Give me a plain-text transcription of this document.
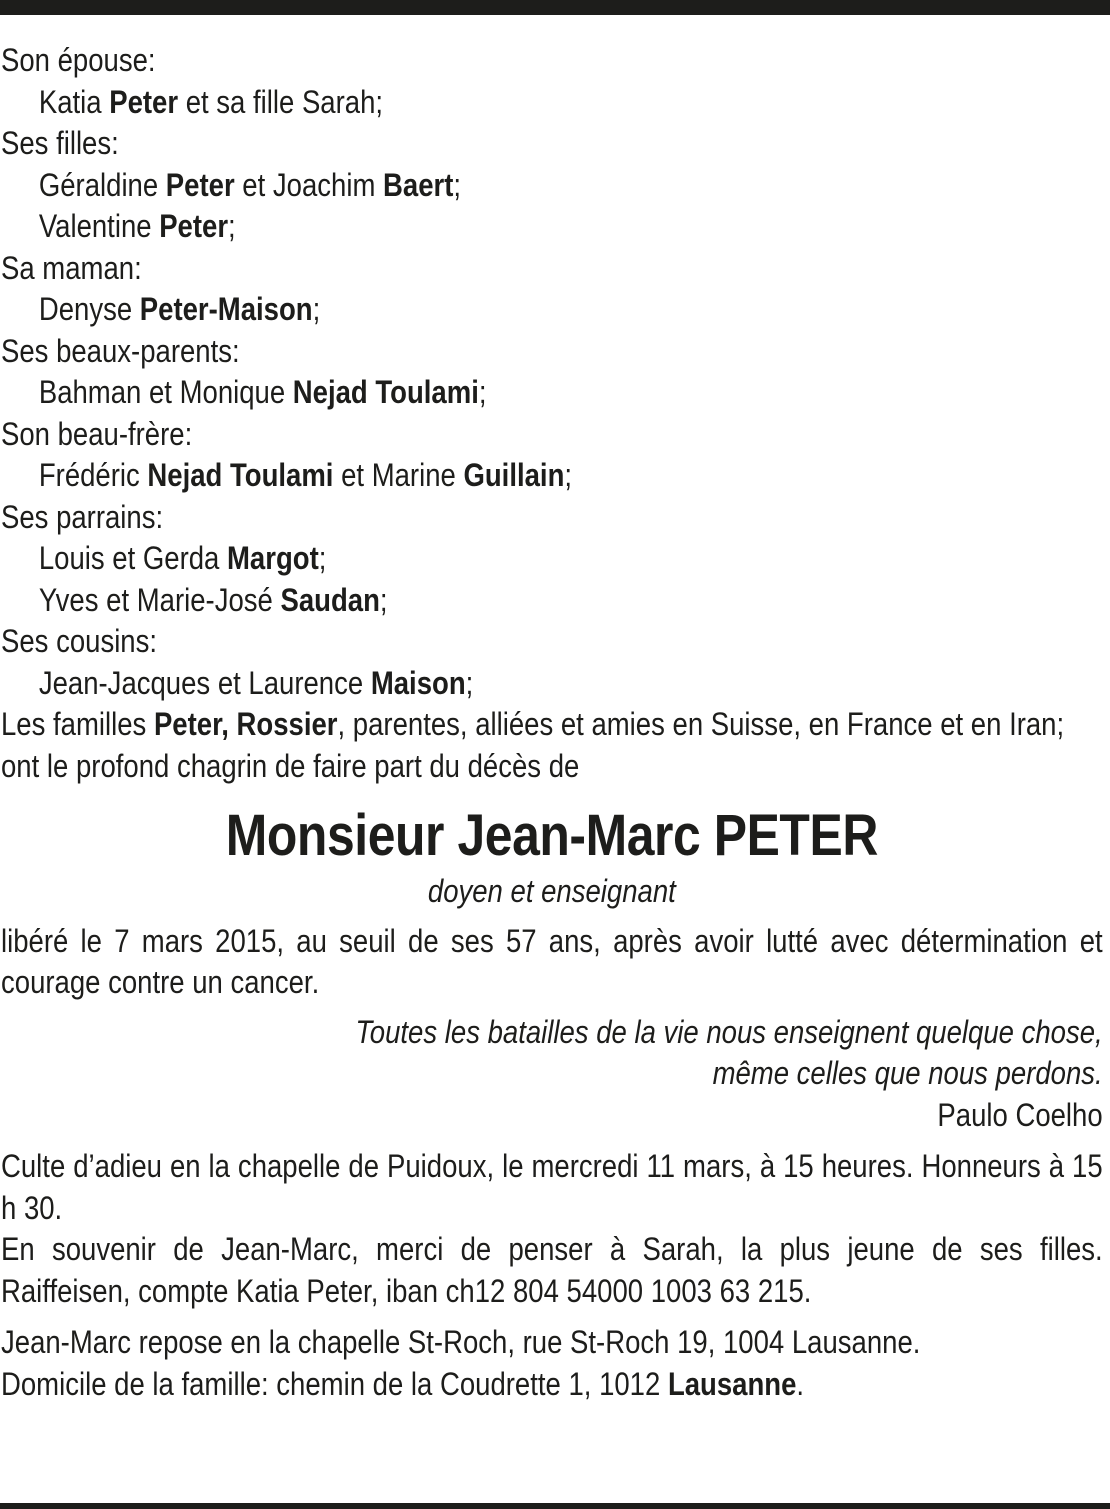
Son épouse:
Katia Peter et sa fille Sarah;
Ses filles:
Géraldine Peter et Joachim Baert;
Valentine Peter;
Sa maman:
Denyse Peter-Maison;
Ses beaux-parents:
Bahman et Monique Nejad Toulami;
Son beau-frère:
Frédéric Nejad Toulami et Marine Guillain;
Ses parrains:
Louis et Gerda Margot;
Yves et Marie-José Saudan;
Ses cousins:
Jean-Jacques et Laurence Maison;
Les familles Peter, Rossier, parentes, alliées et amies en Suisse, en France et en Iran;
ont le profond chagrin de faire part du décès de
Monsieur Jean-Marc PETER
doyen et enseignant
libéré le 7 mars 2015, au seuil de ses 57 ans, après avoir lutté avec détermination et courage contre un cancer.
Toutes les batailles de la vie nous enseignent quelque chose,
même celles que nous perdons.
Paulo Coelho
Culte d’adieu en la chapelle de Puidoux, le mercredi 11 mars, à 15 heures. Honneurs à 15 h 30.
En souvenir de Jean-Marc, merci de penser à Sarah, la plus jeune de ses filles. Raiffeisen, compte Katia Peter, iban ch12 804 54000 1003 63 215.
Jean-Marc repose en la chapelle St-Roch, rue St-Roch 19, 1004 Lausanne.
Domicile de la famille: chemin de la Coudrette 1, 1012 Lausanne.
